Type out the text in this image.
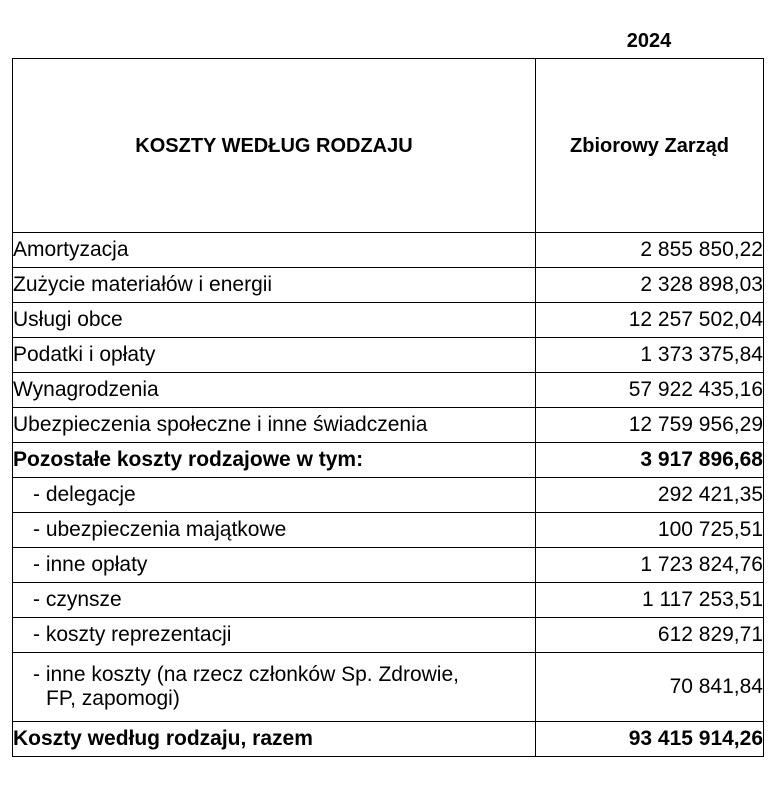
2024
KOSZTY WEDŁUG RODZAJU	Zbiorowy Zarząd
Amortyzacja	2 855 850,22
Zużycie materiałów i energii	2 328 898,03
Usługi obce	12 257 502,04
Podatki i opłaty	1 373 375,84
Wynagrodzenia	57 922 435,16
Ubezpieczenia społeczne i inne świadczenia	12 759 956,29
Pozostałe koszty rodzajowe w tym:	3 917 896,68
- delegacje	292 421,35
- ubezpieczenia majątkowe	100 725,51
- inne opłaty	1 723 824,76
- czynsze	1 117 253,51
- koszty reprezentacji	612 829,71
- inne koszty (na rzecz członków Sp. Zdrowie,
FP, zapomogi)	70 841,84
Koszty według rodzaju, razem	93 415 914,26
